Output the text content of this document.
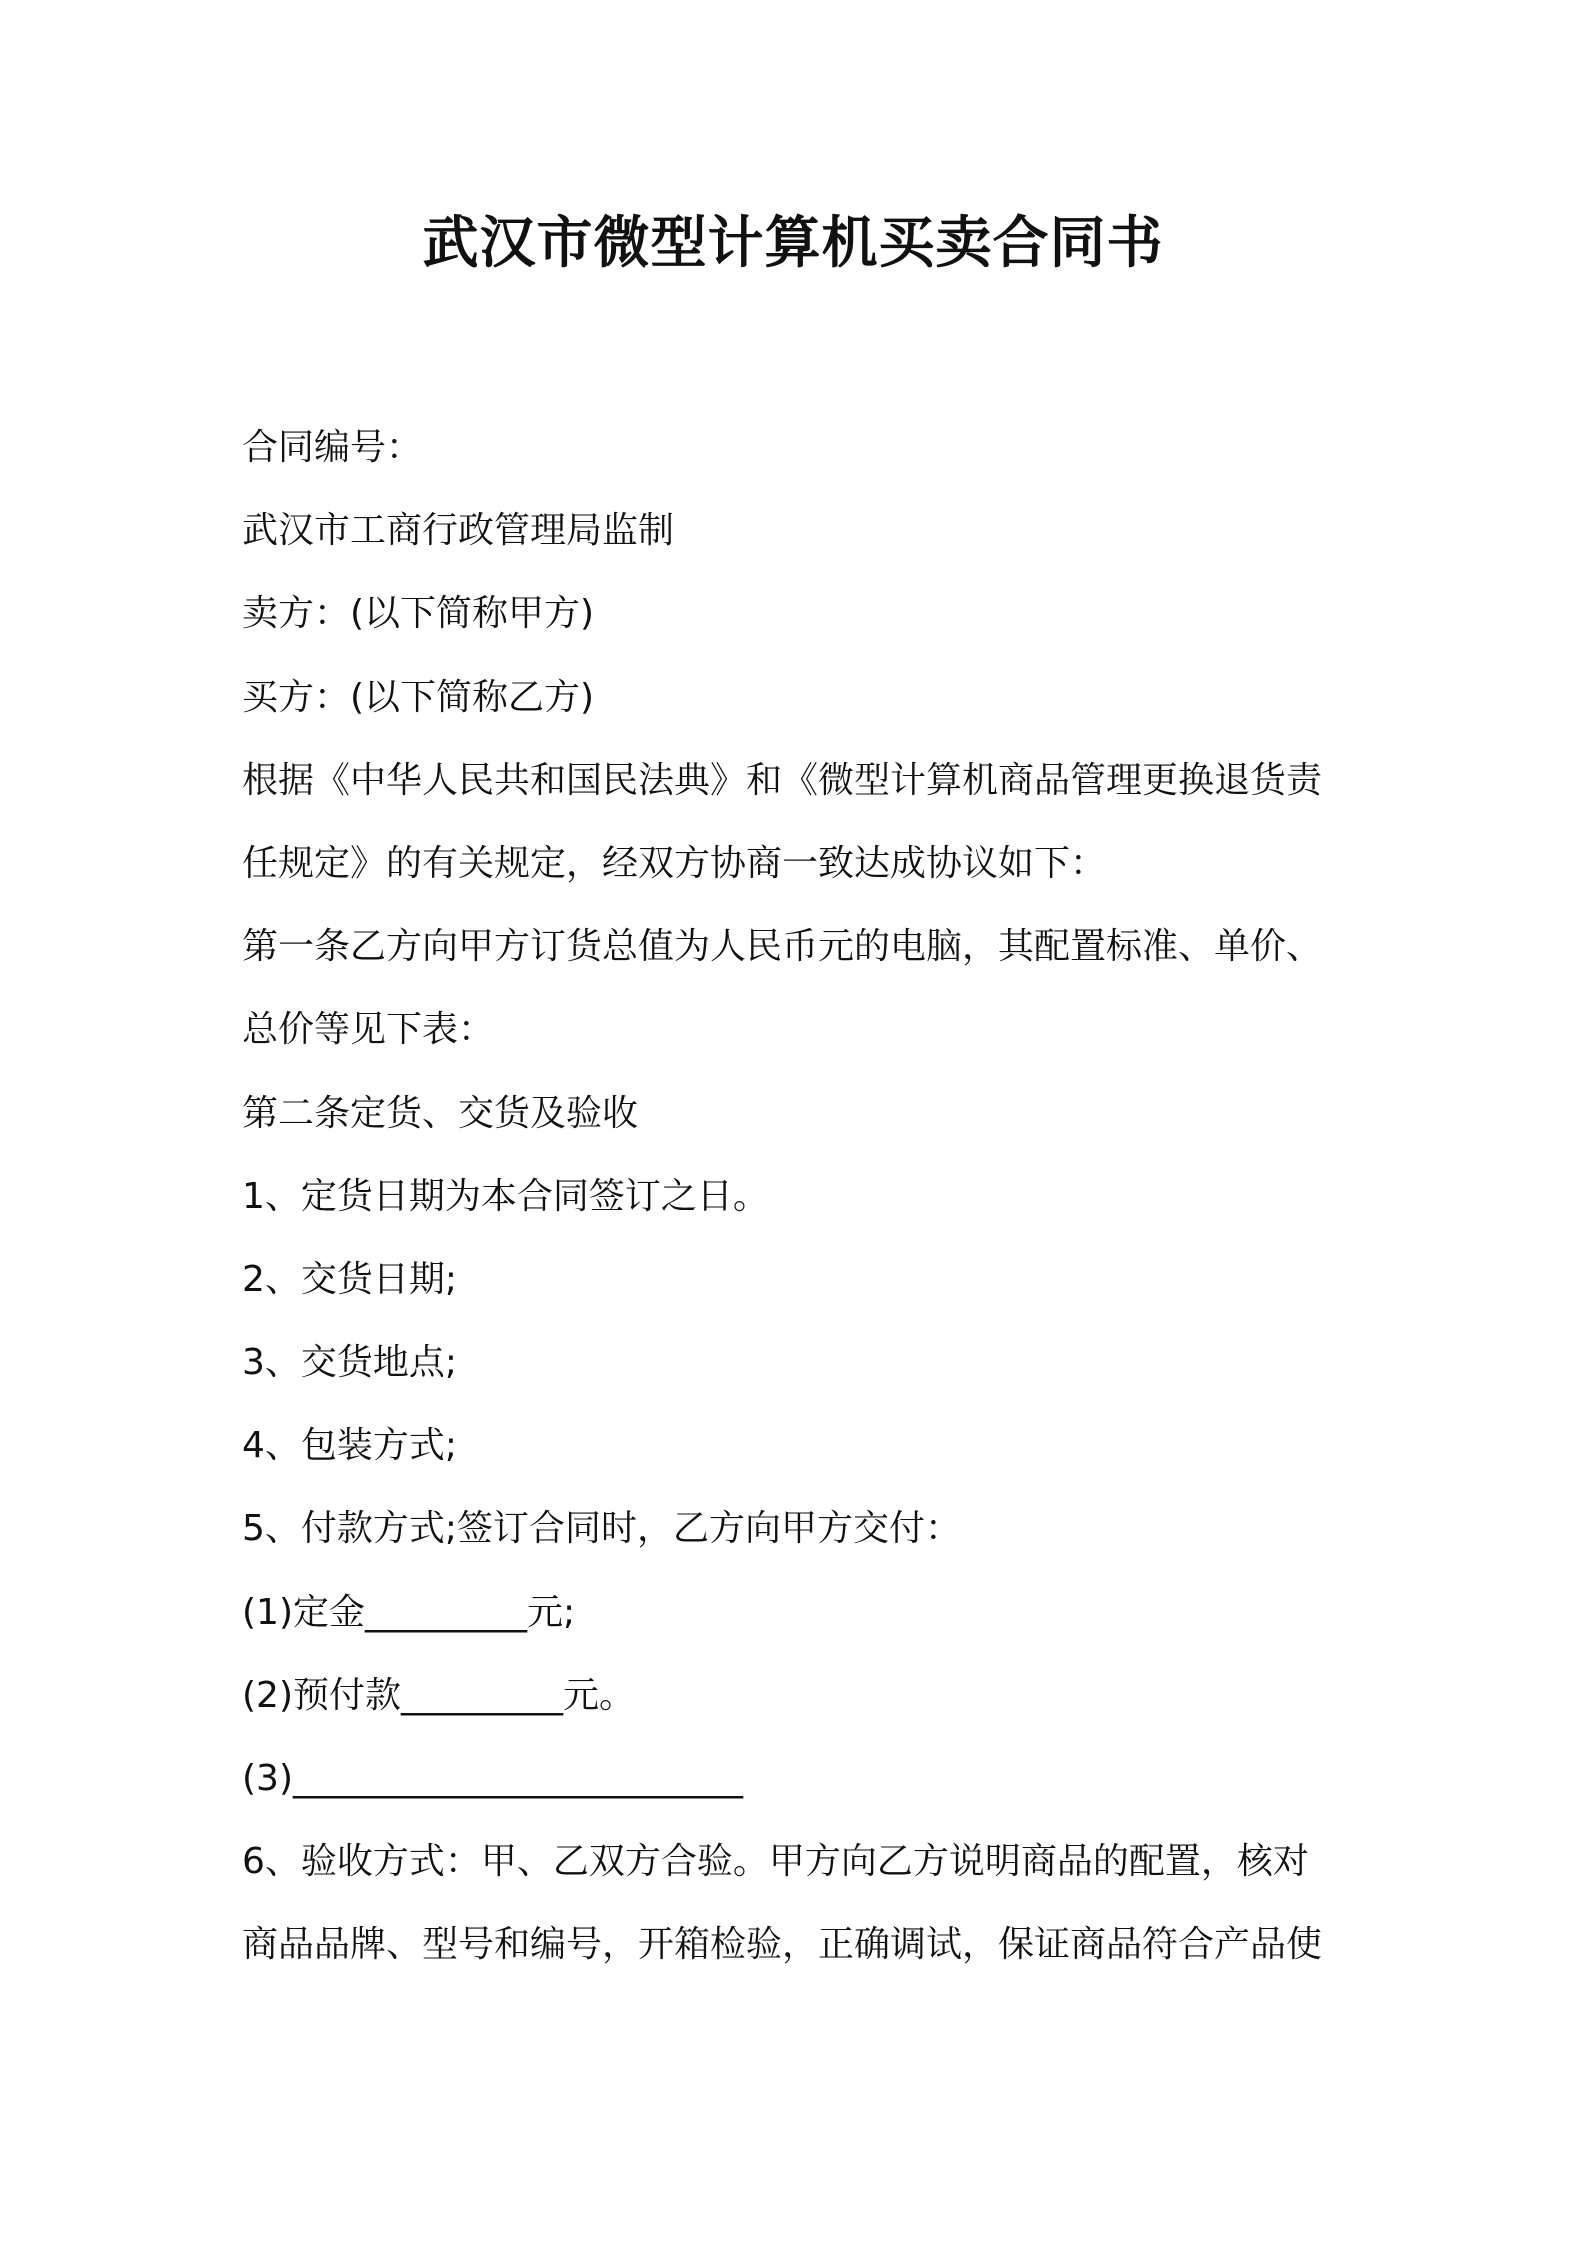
武汉市微型计算机买卖合同书
合同编号：
武汉市工商行政管理局监制
卖方：(以下简称甲方)
买方：(以下简称乙方)
根据《中华人民共和国民法典》和《微型计算机商品管理更换退货责
任规定》的有关规定，经双方协商一致达成协议如下：
第一条乙方向甲方订货总值为人民币元的电脑，其配置标准、单价、
总价等见下表：
第二条定货、交货及验收
1、定货日期为本合同签订之日。
2、交货日期;
3、交货地点;
4、包装方式;
5、付款方式;签订合同时，乙方向甲方交付：
(1)定金_________元;
(2)预付款_________元。
(3)_________________________
6、验收方式：甲、乙双方合验。甲方向乙方说明商品的配置，核对
商品品牌、型号和编号，开箱检验，正确调试，保证商品符合产品使
